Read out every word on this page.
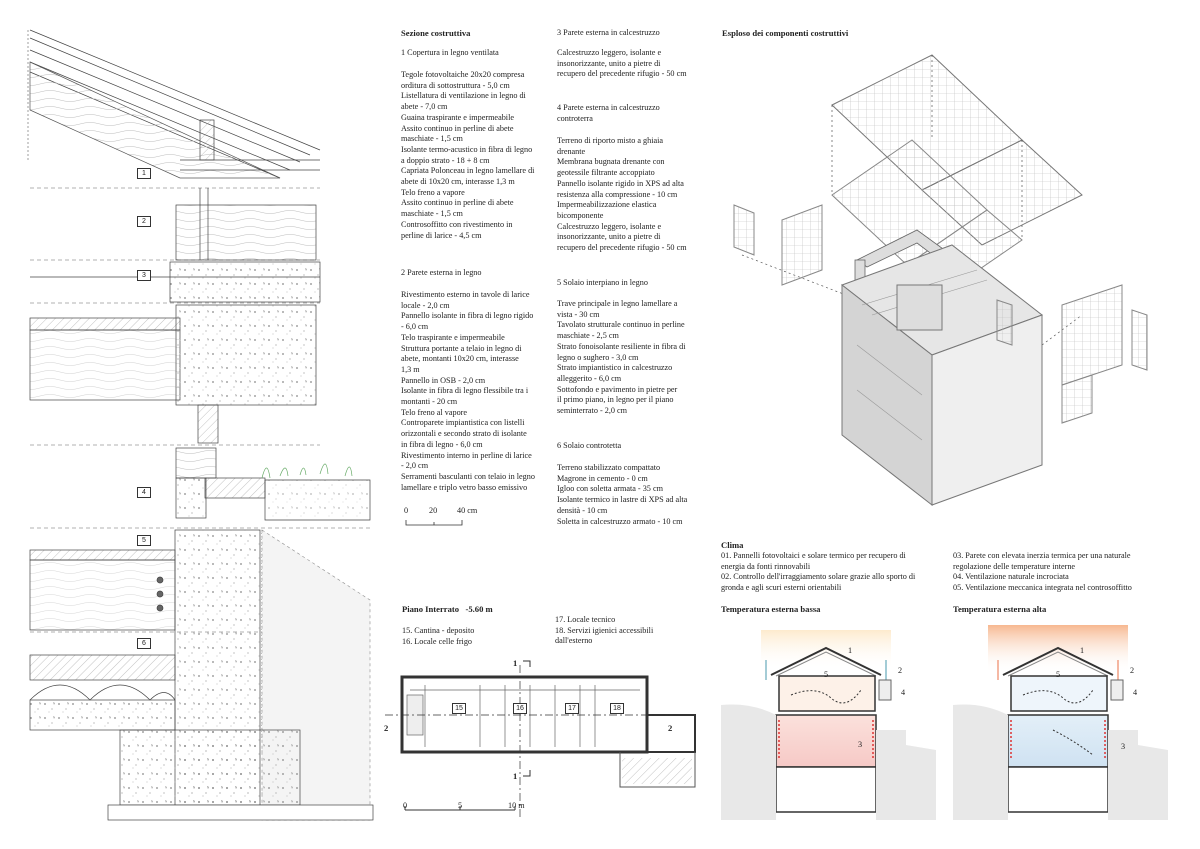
1
2
3
4
5
6
Sezione costruttiva
1 Copertura in legno ventilata
Tegole fotovoltaiche 20x20 compresa
orditura di sottostruttura - 5,0 cm
Listellatura di ventilazione in legno di
abete - 7,0 cm
Guaina traspirante e impermeabile
Assito continuo in perline di abete
maschiate - 1,5 cm
Isolante termo-acustico in fibra di legno
a doppio strato - 18 + 8 cm
Capriata Polonceau in legno lamellare di
abete di 10x20 cm, interasse 1,3 m
Telo freno a vapore
Assito continuo in perline di abete
maschiate - 1,5 cm
Controsoffitto con rivestimento in
perline di larice - 4,5 cm
2 Parete esterna in legno
Rivestimento esterno in tavole di larice
locale - 2,0 cm
Pannello isolante in fibra di legno rigido
- 6,0 cm
Telo traspirante e impermeabile
Struttura portante a telaio in legno di
abete, montanti 10x20 cm, interasse
1,3 m
Pannello in OSB - 2,0 cm
Isolante in fibra di legno flessibile tra i
montanti - 20 cm
Telo freno al vapore
Controparete impiantistica con listelli
orizzontali e secondo strato di isolante
in fibra di legno - 6,0 cm
Rivestimento interno in perline di larice
- 2,0 cm
Serramenti basculanti con telaio in legno
lamellare e triplo vetro basso emissivo
0	20 40 cm
3 Parete esterna in calcestruzzo
Calcestruzzo leggero, isolante e
insonorizzante, unito a pietre di
recupero del precedente rifugio - 50 cm
4 Parete esterna in calcestruzzo
controterra
Terreno di riporto misto a ghiaia
drenante
Membrana bugnata drenante con
geotessile filtrante accoppiato
Pannello isolante rigido in XPS ad alta
resistenza alla compressione - 10 cm
Impermeabilizzazione elastica
bicomponente
Calcestruzzo leggero, isolante e
insonorizzante, unito a pietre di
recupero del precedente rifugio - 50 cm
5 Solaio interpiano in legno
Trave principale in legno lamellare a
vista - 30 cm
Tavolato strutturale continuo in perline
maschiate - 2,5 cm
Strato fonoisolante resiliente in fibra di
legno o sughero - 3,0 cm
Strato impiantistico in calcestruzzo
alleggerito - 6,0 cm
Sottofondo e pavimento in pietre per
il primo piano, in legno per il piano
seminterrato - 2,0 cm
6 Solaio controtetta
Terreno stabilizzato compattato
Magrone in cemento - 0 cm
Igloo con soletta armata - 35 cm
Isolante termico in lastre di XPS ad alta
densità - 10 cm
Soletta in calcestruzzo armato - 10 cm
Piano Interrato   -5.60 m
15. Cantina - deposito
16. Locale celle frigo
17. Locale tecnico
18. Servizi igienici accessibili
dall'esterno
15	16	17	18
1
1
2	2
0	5	10 m
Esploso dei componenti costruttivi
Clima
01. Pannelli fotovoltaici e solare termico per recupero di
energia da fonti rinnovabili
02. Controllo dell'irraggiamento solare grazie allo sporto di
gronda e agli scuri esterni orientabili
03. Parete con elevata inerzia termica per una naturale
regolazione delle temperature interne
04. Ventilazione naturale incrociata
05. Ventilazione meccanica integrata nel controsoffitto
Temperatura esterna bassa	Temperatura esterna alta
1
2
3
4
5
1
2
3
4
5
